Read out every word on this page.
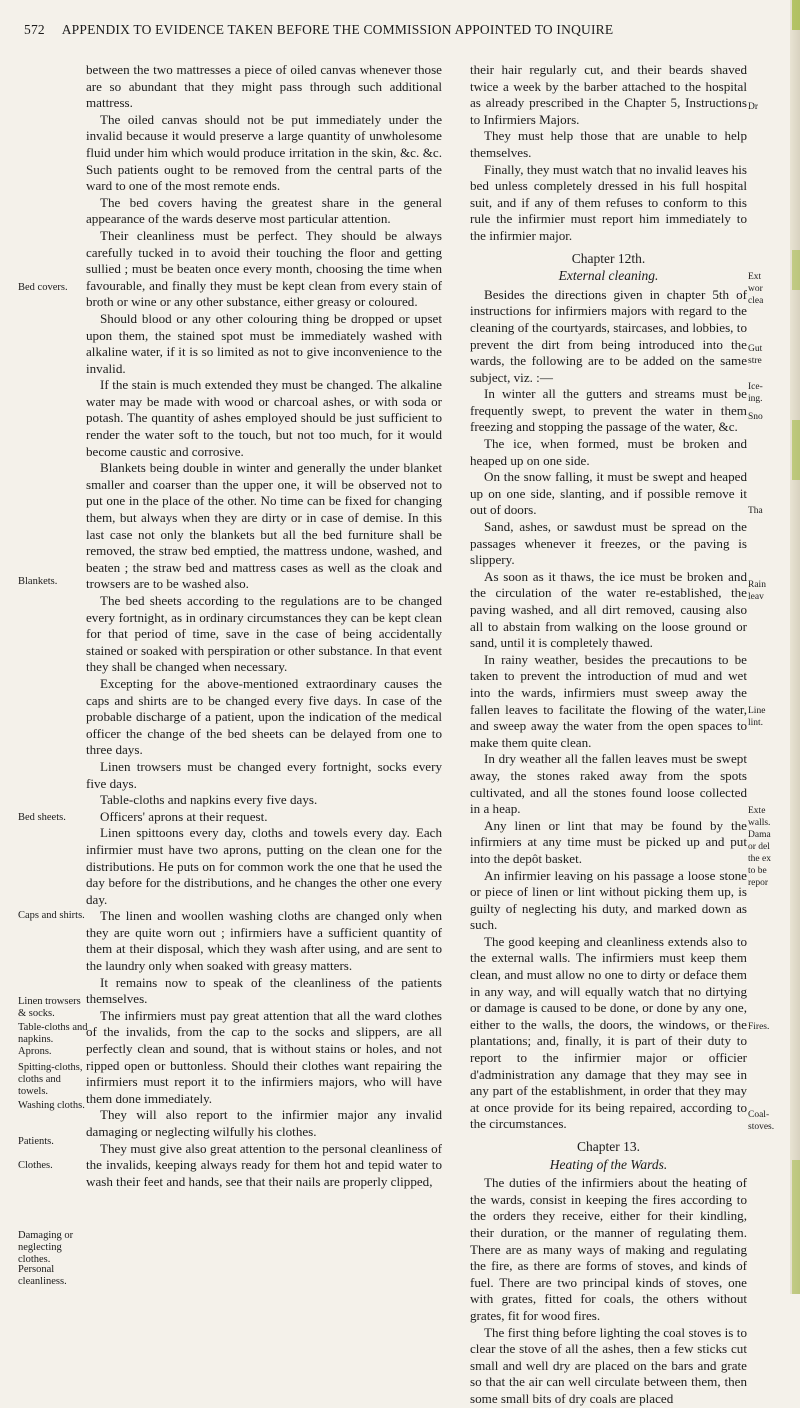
572 APPENDIX TO EVIDENCE TAKEN BEFORE THE COMMISSION APPOINTED TO INQUIRE
Bed covers.
Blankets.
Bed sheets.
Caps and shirts.
Linen trowsers & socks.
Table-cloths and napkins.
Aprons.
Spitting-cloths, cloths and towels.
Washing cloths.
Patients.
Clothes.
Damaging or neglecting clothes.
Personal cleanliness.

between the two mattresses a piece of oiled canvas whenever those are so abundant that they might pass through such additional mattress.

The oiled canvas should not be put immediately under the invalid because it would preserve a large quantity of unwholesome fluid under him which would produce irritation in the skin, &c. &c. Such patients ought to be removed from the central parts of the ward to one of the most remote ends.

The bed covers having the greatest share in the general appearance of the wards deserve most particular attention.

Their cleanliness must be perfect. They should be always carefully tucked in to avoid their touching the floor and getting sullied ; must be beaten once every month, choosing the time when favourable, and finally they must be kept clean from every stain of broth or wine or any other substance, either greasy or coloured.

Should blood or any other colouring thing be dropped or upset upon them, the stained spot must be immediately washed with alkaline water, if it is so limited as not to give inconvenience to the invalid.

If the stain is much extended they must be changed. The alkaline water may be made with wood or charcoal ashes, or with soda or potash. The quantity of ashes employed should be just sufficient to render the water soft to the touch, but not too much, for it would become caustic and corrosive.

Blankets being double in winter and generally the under blanket smaller and coarser than the upper one, it will be observed not to put one in the place of the other. No time can be fixed for changing them, but always when they are dirty or in case of demise. In this last case not only the blankets but all the bed furniture shall be removed, the straw bed emptied, the mattress undone, washed, and beaten ; the straw bed and mattress cases as well as the cloak and trowsers are to be washed also.

The bed sheets according to the regulations are to be changed every fortnight, as in ordinary circumstances they can be kept clean for that period of time, save in the case of being accidentally stained or soaked with perspiration or other substance. In that event they shall be changed when necessary.

Excepting for the above-mentioned extraordinary causes the caps and shirts are to be changed every five days. In case of the probable discharge of a patient, upon the indication of the medical officer the change of the bed sheets can be delayed from one to three days.

Linen trowsers must be changed every fortnight, socks every five days.

Table-cloths and napkins every five days.

Officers' aprons at their request.

Linen spittoons every day, cloths and towels every day. Each infirmier must have two aprons, putting on the clean one for the distributions. He puts on for common work the one that he used the day before for the distributions, and he changes the other one every day.

The linen and woollen washing cloths are changed only when they are quite worn out ; infirmiers have a sufficient quantity of them at their disposal, which they wash after using, and are sent to the laundry only when soaked with greasy matters.

It remains now to speak of the cleanliness of the patients themselves.

The infirmiers must pay great attention that all the ward clothes of the invalids, from the cap to the socks and slippers, are all perfectly clean and sound, that is without stains or holes, and not ripped open or buttonless. Should their clothes want repairing the infirmiers must report it to the infirmiers majors, who will have them done immediately.

They will also report to the infirmier major any invalid damaging or neglecting wilfully his clothes.

They must give also great attention to the personal cleanliness of the invalids, keeping always ready for them hot and tepid water to wash their feet and hands, see that their nails are properly clipped,

their hair regularly cut, and their beards shaved twice a week by the barber attached to the hospital as already prescribed in the Chapter 5, Instructions to Infirmiers Majors.

They must help those that are unable to help themselves.

Finally, they must watch that no invalid leaves his bed unless completely dressed in his full hospital suit, and if any of them refuses to conform to this rule the infirmier must report him immediately to the infirmier major.

Chapter 12th.
External cleaning.

Besides the directions given in chapter 5th of instructions for infirmiers majors with regard to the cleaning of the courtyards, staircases, and lobbies, to prevent the dirt from being introduced into the wards, the following are to be added on the same subject, viz. :—

In winter all the gutters and streams must be frequently swept, to prevent the water in them freezing and stopping the passage of the water, &c.

The ice, when formed, must be broken and heaped up on one side.

On the snow falling, it must be swept and heaped up on one side, slanting, and if possible remove it out of doors.

Sand, ashes, or sawdust must be spread on the passages whenever it freezes, or the paving is slippery.

As soon as it thaws, the ice must be broken and the circulation of the water re-established, the paving washed, and all dirt removed, causing also all to abstain from walking on the loose ground or sand, until it is completely thawed.

In rainy weather, besides the precautions to be taken to prevent the introduction of mud and wet into the wards, infirmiers must sweep away the fallen leaves to facilitate the flowing of the water, and sweep away the water from the open spaces to make them quite clean.

In dry weather all the fallen leaves must be swept away, the stones raked away from the spots cultivated, and all the stones found loose collected in a heap.

Any linen or lint that may be found by the infirmiers at any time must be picked up and put into the depôt basket.

An infirmier leaving on his passage a loose stone or piece of linen or lint without picking them up, is guilty of neglecting his duty, and marked down as such.

The good keeping and cleanliness extends also to the external walls. The infirmiers must keep them clean, and must allow no one to dirty or deface them in any way, and will equally watch that no dirtying or damage is caused to be done, or done by any one, either to the walls, the doors, the windows, or the plantations; and, finally, it is part of their duty to report to the infirmier major or officier d'administration any damage that they may see in any part of the establishment, in order that they may at once provide for its being repaired, according to the circumstances.

Chapter 13.
Heating of the Wards.

The duties of the infirmiers about the heating of the wards, consist in keeping the fires according to the orders they receive, either for their kindling, their duration, or the manner of regulating them. There are as many ways of making and regulating the fire, as there are forms of stoves, and kinds of fuel. There are two principal kinds of stoves, one with grates, fitted for coals, the others without grates, fit for wood fires.

The first thing before lighting the coal stoves is to clear the stove of all the ashes, then a few sticks cut small and well dry are placed on the bars and grate so that the air can well circulate between them, then some small bits of dry coals are placed

Dr
Ext
wor
clea
Gut
stre
Ice-
ing.
Sno
Tha
Rain
leav
Line
lint.
Exte
walls.
Dama
or del
the ex
to be
repor
Fires.
Coal-
stoves.
